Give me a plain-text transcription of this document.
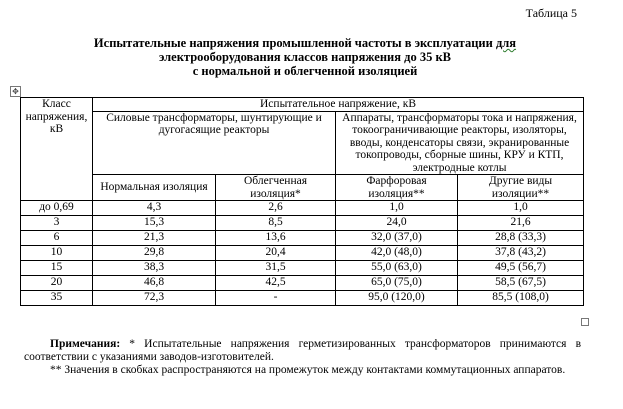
Таблица 5
Испытательные напряжения промышленной частоты в эксплуатации для
электрооборудования классов напряжения до 35 кВ
с нормальной и облегченной изоляцией
✥
Класс напряжения, кВ	Испытательное напряжение, кВ			
	Силовые трансформаторы, шунтирующие и дугогасящие реакторы		Аппараты, трансформаторы тока и напряжения, токоограничивающие реакторы, изоляторы, вводы, конденсаторы связи, экранированные токопроводы, сборные шины, КРУ и КТП, электродные котлы	
	Нормальная изоляция	Облегченная изоляция*	Фарфоровая изоляция**	Другие виды изоляции**
до 0,69	4,3	2,6	1,0	1,0
3	15,3	8,5	24,0	21,6
6	21,3	13,6	32,0 (37,0)	28,8 (33,3)
10	29,8	20,4	42,0 (48,0)	37,8 (43,2)
15	38,3	31,5	55,0 (63,0)	49,5 (56,7)
20	46,8	42,5	65,0 (75,0)	58,5 (67,5)
35	72,3	-	95,0 (120,0)	85,5 (108,0)

Примечания: * Испытательные напряжения герметизированных трансформаторов принимаются в соответствии с указаниями заводов-изготовителей.

** Значения в скобках распространяются на промежуток между контактами коммутационных аппаратов.
